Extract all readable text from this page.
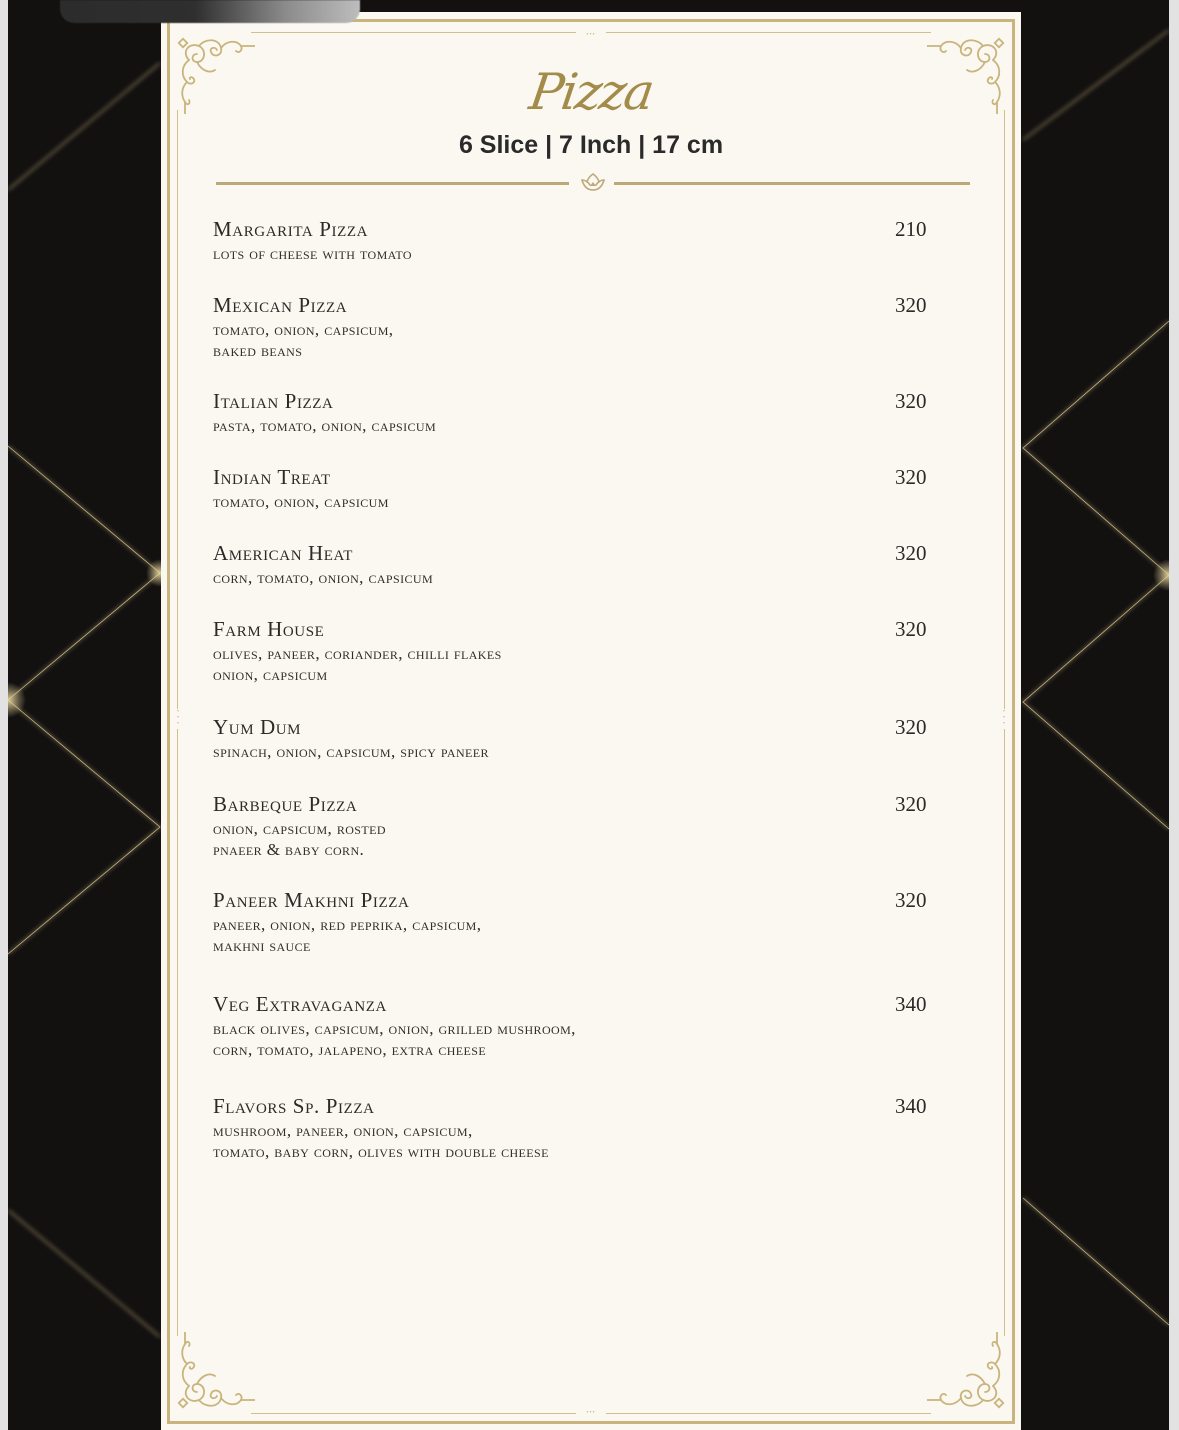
•••
•••
•
•
•
•
•
•
Pizza
6 Slice | 7 Inch | 17 cm
Margarita Pizza
lots of cheese with tomato
210
Mexican Pizza
tomato, onion, capsicum,
baked beans
320
Italian Pizza
pasta, tomato, onion, capsicum
320
Indian Treat
tomato, onion, capsicum
320
American Heat
corn, tomato, onion, capsicum
320
Farm House
olives, paneer, coriander, chilli flakes
onion, capsicum
320
Yum Dum
spinach, onion, capsicum, spicy paneer
320
Barbeque Pizza
onion, capsicum, rosted
pnaeer & baby corn.
320
Paneer Makhni Pizza
paneer, onion, red peprika, capsicum,
makhni sauce
320
Veg Extravaganza
black olives, capsicum, onion, grilled mushroom,
corn, tomato, jalapeno, extra cheese
340
Flavors Sp. Pizza
mushroom, paneer, onion, capsicum,
tomato, baby corn, olives with double cheese
340
